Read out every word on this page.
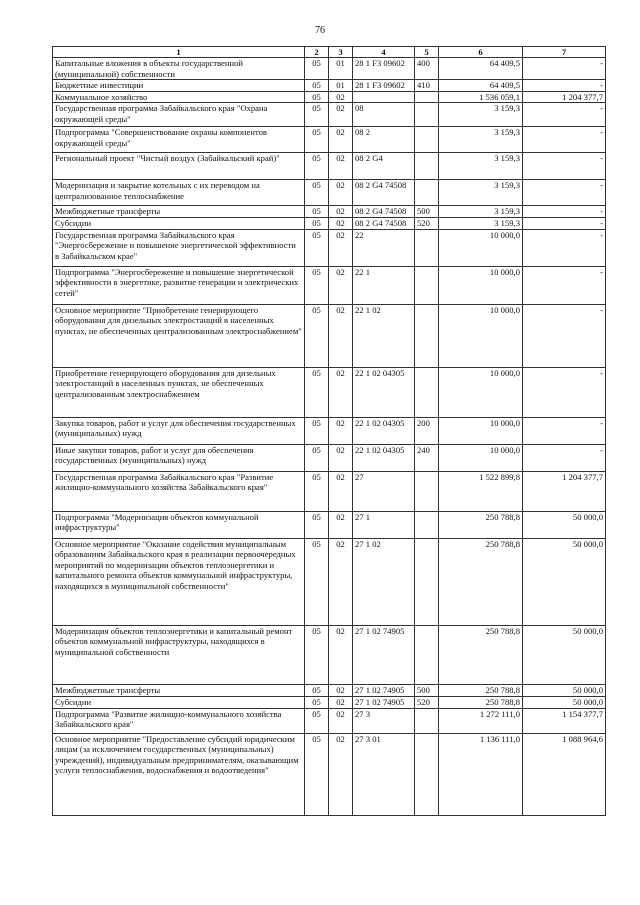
76
1	2	3	4	5	6	7
Капитальные вложения в объекты государственной (муниципальной) собственности	05	01	28 1 F3 09602	400	64 409,5	-
Бюджетные инвестиции	05	01	28 1 F3 09602	410	64 409,5	-
Коммунальное хозяйство	05	02			1 536 059,1	1 204 377,7
Государственная программа Забайкальского края "Охрана окружающей среды"	05	02	08		3 159,3	-
Подпрограмма "Совершенствование охраны компонентов окружающей среды"	05	02	08 2		3 159,3	-
Региональный проект "Чистый воздух (Забайкальский край)"	05	02	08 2 G4		3 159,3	-
Модернизация и закрытие котельных с их переводом на централизованное теплоснабжение	05	02	08 2 G4 74508		3 159,3	-
Межбюджетные трансферты	05	02	08 2 G4 74508	500	3 159,3	-
Субсидии	05	02	08 2 G4 74508	520	3 159,3	-
Государственная программа Забайкальского края "Энергосбережение и повышение энергетической эффективности в Забайкальском крае"	05	02	22		10 000,0	-
Подпрограмма "Энергосбережение и повышение энергетической эффективности в энергетике, развитие генерации и электрических сетей"	05	02	22 1		10 000,0	-
Основное мероприятие "Приобретение генерирующего оборудования для дизельных электростанций в населенных пунктах, не обеспеченных централизованным электроснабжением"	05	02	22 1 02		10 000,0	-
Приобретение генерирующего оборудования для дизельных электростанций в населенных пунктах, не обеспеченных централизованным электроснабжением	05	02	22 1 02 04305		10 000,0	-
Закупка товаров, работ и услуг для обеспечения государственных (муниципальных) нужд	05	02	22 1 02 04305	200	10 000,0	-
Иные закупки товаров, работ и услуг для обеспечения государственных (муниципальных) нужд	05	02	22 1 02 04305	240	10 000,0	-
Государственная программа Забайкальского края "Развитие жилищно-коммунального хозяйства Забайкальского края"	05	02	27		1 522 899,8	1 204 377,7
Подпрограмма "Модернизация объектов коммунальной инфраструктуры"	05	02	27 1		250 788,8	50 000,0
Основное мероприятие "Оказание содействия муниципальным образованиям Забайкальского края в реализации первоочередных мероприятий по модернизации объектов теплоэнергетики и капитального ремонта объектов коммунальной инфраструктуры, находящихся в муниципальной собственности"	05	02	27 1 02		250 788,8	50 000,0
Модернизация объектов теплоэнергетики и капитальный ремонт объектов коммунальной инфраструктуры, находящихся в муниципальной собственности	05	02	27 1 02 74905		250 788,8	50 000,0
Межбюджетные трансферты	05	02	27 1 02 74905	500	250 788,8	50 000,0
Субсидии	05	02	27 1 02 74905	520	250 788,8	50 000,0
Подпрограмма "Развитие жилищно-коммунального хозяйства Забайкальского края"	05	02	27 3		1 272 111,0	1 154 377,7
Основное мероприятие "Предоставление субсидий юридическим лицам (за исключением государственных (муниципальных) учреждений), индивидуальным предпринимателям, оказывающим услуги теплоснабжения, водоснабжения и водоотведения"	05	02	27 3 01		1 136 111,0	1 088 964,6
